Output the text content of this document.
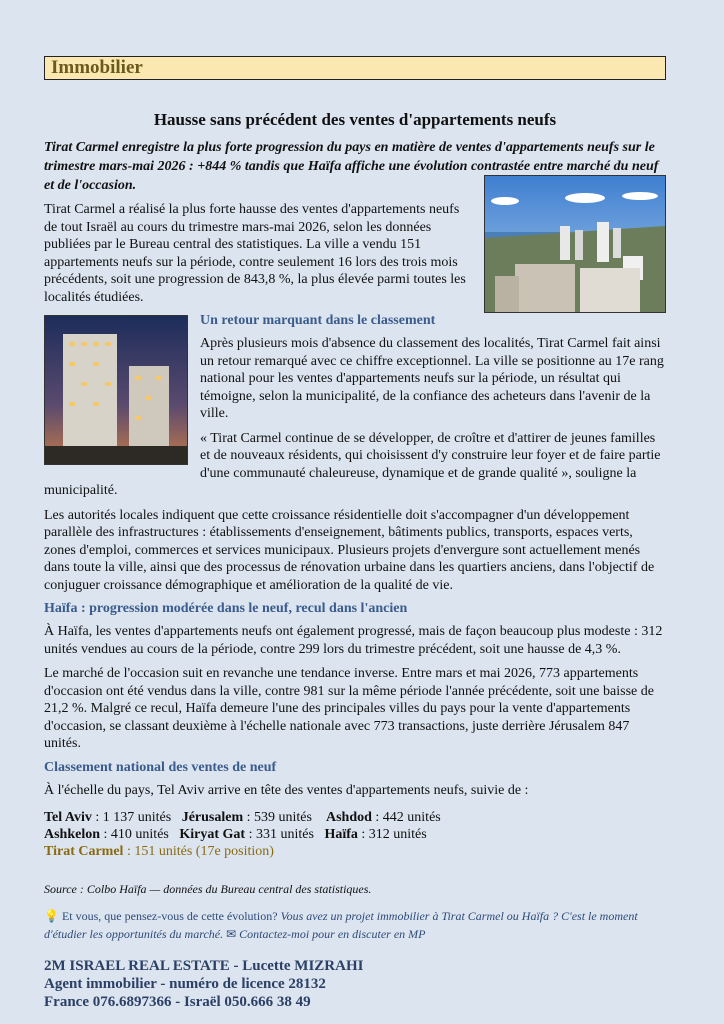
Immobilier
Hausse sans précédent des ventes d'appartements neufs
Tirat Carmel enregistre la plus forte progression du pays en matière de ventes d'appartements neufs sur le trimestre mars-mai 2026 : +844 % tandis que Haïfa affiche une évolution contrastée entre marché du neuf et de l'occasion.

Tirat Carmel a réalisé la plus forte hausse des ventes d'appartements neufs de tout Israël au cours du trimestre mars-mai 2026, selon les données publiées par le Bureau central des statistiques. La ville a vendu 151 appartements neufs sur la période, contre seulement 16 lors des trois mois précédents, soit une progression de 843,8 %, la plus élevée parmi toutes les localités étudiées.

Un retour marquant dans le classement

Après plusieurs mois d'absence du classement des localités, Tirat Carmel fait ainsi un retour remarqué avec ce chiffre exceptionnel. La ville se positionne au 17e rang national pour les ventes d'appartements neufs sur la période, un résultat qui témoigne, selon la municipalité, de la confiance des acheteurs dans l'avenir de la ville.

« Tirat Carmel continue de se développer, de croître et d'attirer de jeunes familles et de nouveaux résidents, qui choisissent d'y construire leur foyer et de faire partie d'une communauté chaleureuse, dynamique et de grande qualité », souligne la municipalité.

Les autorités locales indiquent que cette croissance résidentielle doit s'accompagner d'un développement parallèle des infrastructures : établissements d'enseignement, bâtiments publics, transports, espaces verts, zones d'emploi, commerces et services municipaux. Plusieurs projets d'envergure sont actuellement menés dans toute la ville, ainsi que des processus de rénovation urbaine dans les quartiers anciens, dans l'objectif de conjuguer croissance démographique et amélioration de la qualité de vie.

Haïfa : progression modérée dans le neuf, recul dans l'ancien

À Haïfa, les ventes d'appartements neufs ont également progressé, mais de façon beaucoup plus modeste : 312 unités vendues au cours de la période, contre 299 lors du trimestre précédent, soit une hausse de 4,3 %.

Le marché de l'occasion suit en revanche une tendance inverse. Entre mars et mai 2026, 773 appartements d'occasion ont été vendus dans la ville, contre 981 sur la même période l'année précédente, soit une baisse de 21,2 %. Malgré ce recul, Haïfa demeure l'une des principales villes du pays pour la vente d'appartements d'occasion, se classant deuxième à l'échelle nationale avec 773 transactions, juste derrière Jérusalem 847 unités.

Classement national des ventes de neuf

À l'échelle du pays, Tel Aviv arrive en tête des ventes d'appartements neufs, suivie de :

Tel Aviv : 1 137 unités Jérusalem : 539 unités Ashdod : 442 unités
Ashkelon : 410 unités Kiryat Gat : 331 unités Haïfa : 312 unités
Tirat Carmel : 151 unités (17e position)
Source : Colbo Haïfa — données du Bureau central des statistiques.
💡 Et vous, que pensez-vous de cette évolution? Vous avez un projet immobilier à Tirat Carmel ou Haïfa ? C'est le moment d'étudier les opportunités du marché. ✉ Contactez-moi pour en discuter en MP
2M ISRAEL REAL ESTATE - Lucette MIZRAHI
Agent immobilier - numéro de licence 28132
France 076.6897366 - Israël 050.666 38 49
